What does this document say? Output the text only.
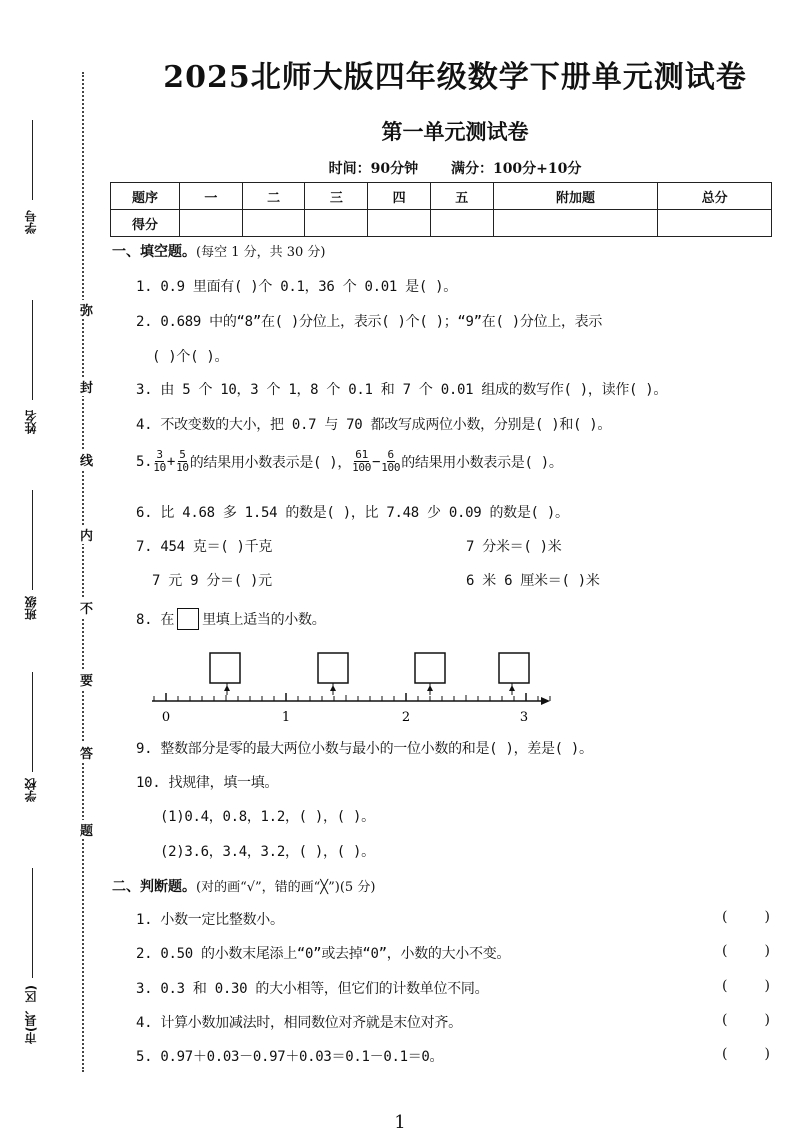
学号
姓名
班级
学校
市(县、区)
弥
封
线
内
不
要
答
题
2025北师大版四年级数学下册单元测试卷
第一单元测试卷
时间：90分钟 满分：100分+10分
题序	一	二	三	四	五	附加题	总分
得分							
一、填空题。(每空 1 分，共 30 分)
1. 0.9 里面有( )个 0.1，36 个 0.01 是( )。
2. 0.689 中的“8”在( )分位上，表示( )个( )；“9”在( )分位上，表示
( )个( )。
3. 由 5 个 10，3 个 1，8 个 0.1 和 7 个 0.01 组成的数写作( )，读作( )。
4. 不改变数的大小，把 0.7 与 70 都改写成两位小数，分别是( )和( )。
5. $\frac{3}{10} + \frac{5}{10}$ 的结果用小数表示是( )， $\frac{61}{100} - \frac{6}{100}$ 的结果用小数表示是( )。
6. 比 4.68 多 1.54 的数是( )，比 7.48 少 0.09 的数是( )。
7. 454 克＝( )千克	7 分米＝( )米
7 元 9 分＝( )元	6 米 6 厘米＝( )米
8. 在 里填上适当的小数。
0	1	2	3
9. 整数部分是零的最大两位小数与最小的一位小数的和是( )，差是( )。
10. 找规律，填一填。
(1)0.4，0.8，1.2，( )，( )。
(2)3.6，3.4，3.2，( )，( )。
二、判断题。(对的画“√”，错的画“╳”)(5 分)
1. 小数一定比整数小。	(	)
2. 0.50 的小数末尾添上“0”或去掉“0”，小数的大小不变。	(	)
3. 0.3 和 0.30 的大小相等，但它们的计数单位不同。	(	)
4. 计算小数加减法时，相同数位对齐就是末位对齐。	(	)
5. 0.97＋0.03－0.97＋0.03＝0.1－0.1＝0。	(	)
1
